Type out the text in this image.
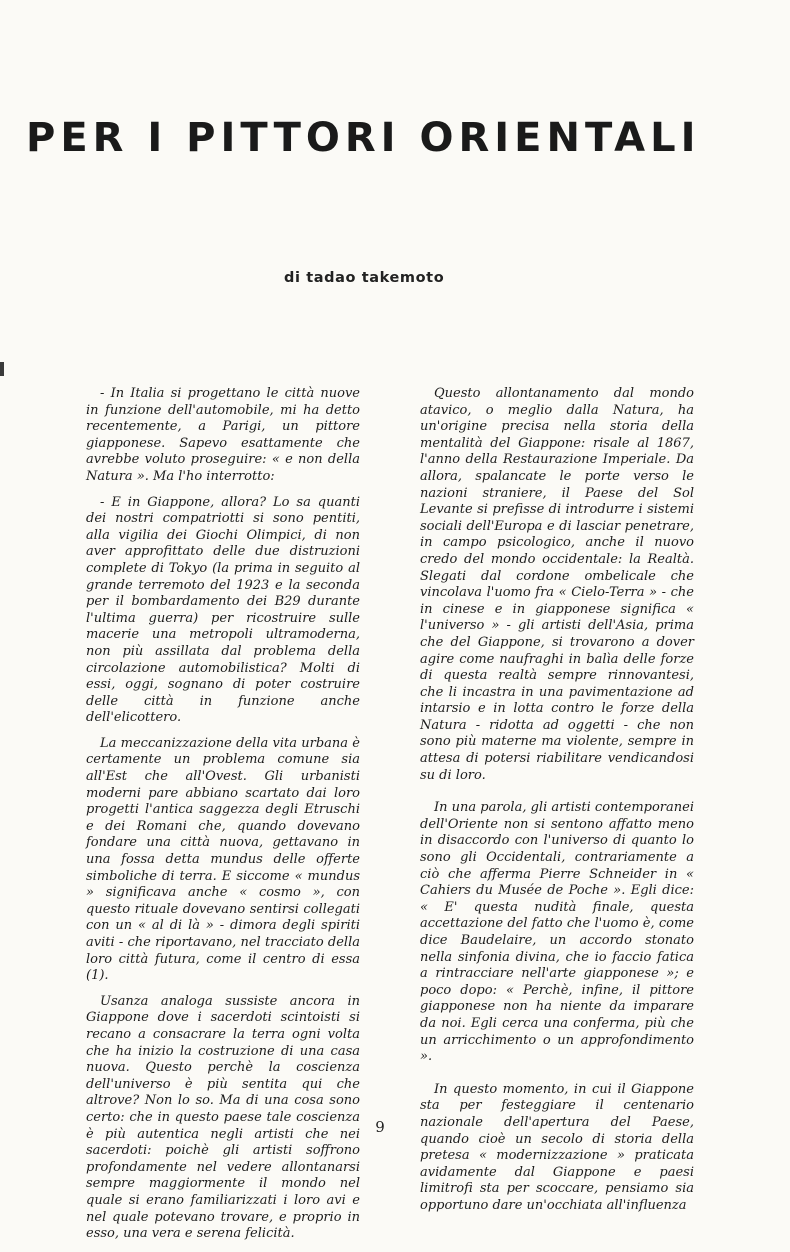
PER I PITTORI ORIENTALI
di tadao takemoto

- In Italia si progettano le città nuove in funzione dell'automobile, mi ha detto recentemente, a Parigi, un pittore giapponese. Sapevo esattamente che avrebbe voluto proseguire: « e non della Natura ». Ma l'ho interrotto:

- E in Giappone, allora? Lo sa quanti dei nostri compatriotti si sono pentiti, alla vigilia dei Giochi Olimpici, di non aver approfittato delle due distruzioni complete di Tokyo (la prima in seguito al grande terremoto del 1923 e la seconda per il bombardamento dei B29 durante l'ultima guerra) per ricostruire sulle macerie una metropoli ultramoderna, non più assillata dal problema della circolazione automobilistica? Molti di essi, oggi, sognano di poter costruire delle città in funzione anche dell'elicottero.

La meccanizzazione della vita urbana è certamente un problema comune sia all'Est che all'Ovest. Gli urbanisti moderni pare abbiano scartato dai loro progetti l'antica saggezza degli Etruschi e dei Romani che, quando dovevano fondare una città nuova, gettavano in una fossa detta mundus delle offerte simboliche di terra. E siccome « mundus » significava anche « cosmo », con questo rituale dovevano sentirsi collegati con un « al di là » - dimora degli spiriti aviti - che riportavano, nel tracciato della loro città futura, come il centro di essa (1).

Usanza analoga sussiste ancora in Giappone dove i sacerdoti scintoisti si recano a consacrare la terra ogni volta che ha inizio la costruzione di una casa nuova. Questo perchè la coscienza dell'universo è più sentita qui che altrove? Non lo so. Ma di una cosa sono certo: che in questo paese tale coscienza è più autentica negli artisti che nei sacerdoti: poichè gli artisti soffrono profondamente nel vedere allontanarsi sempre maggiormente il mondo nel quale si erano familiarizzati i loro avi e nel quale potevano trovare, e proprio in esso, una vera e serena felicità.

Questo allontanamento dal mondo atavico, o meglio dalla Natura, ha un'origine precisa nella storia della mentalità del Giappone: risale al 1867, l'anno della Restaurazione Imperiale. Da allora, spalancate le porte verso le nazioni straniere, il Paese del Sol Levante si prefisse di introdurre i sistemi sociali dell'Europa e di lasciar penetrare, in campo psicologico, anche il nuovo credo del mondo occidentale: la Realtà. Slegati dal cordone ombelicale che vincolava l'uomo fra « Cielo-Terra » - che in cinese e in giapponese significa « l'universo » - gli artisti dell'Asia, prima che del Giappone, si trovarono a dover agire come naufraghi in balìa delle forze di questa realtà sempre rinnovantesi, che li incastra in una pavimentazione ad intarsio e in lotta contro le forze della Natura - ridotta ad oggetti - che non sono più materne ma violente, sempre in attesa di potersi riabilitare vendicandosi su di loro.

In una parola, gli artisti contemporanei dell'Oriente non si sentono affatto meno in disaccordo con l'universo di quanto lo sono gli Occidentali, contrariamente a ciò che afferma Pierre Schneider in « Cahiers du Musée de Poche ». Egli dice: « E' questa nudità finale, questa accettazione del fatto che l'uomo è, come dice Baudelaire, un accordo stonato nella sinfonia divina, che io faccio fatica a rintracciare nell'arte giapponese »; e poco dopo: « Perchè, infine, il pittore giapponese non ha niente da imparare da noi. Egli cerca una conferma, più che un arricchimento o un approfondimento ».

In questo momento, in cui il Giappone sta per festeggiare il centenario nazionale dell'apertura del Paese, quando cioè un secolo di storia della pretesa « modernizzazione » praticata avidamente dal Giappone e paesi limitrofi sta per scoccare, pensiamo sia opportuno dare un'occhiata all'influenza

9
